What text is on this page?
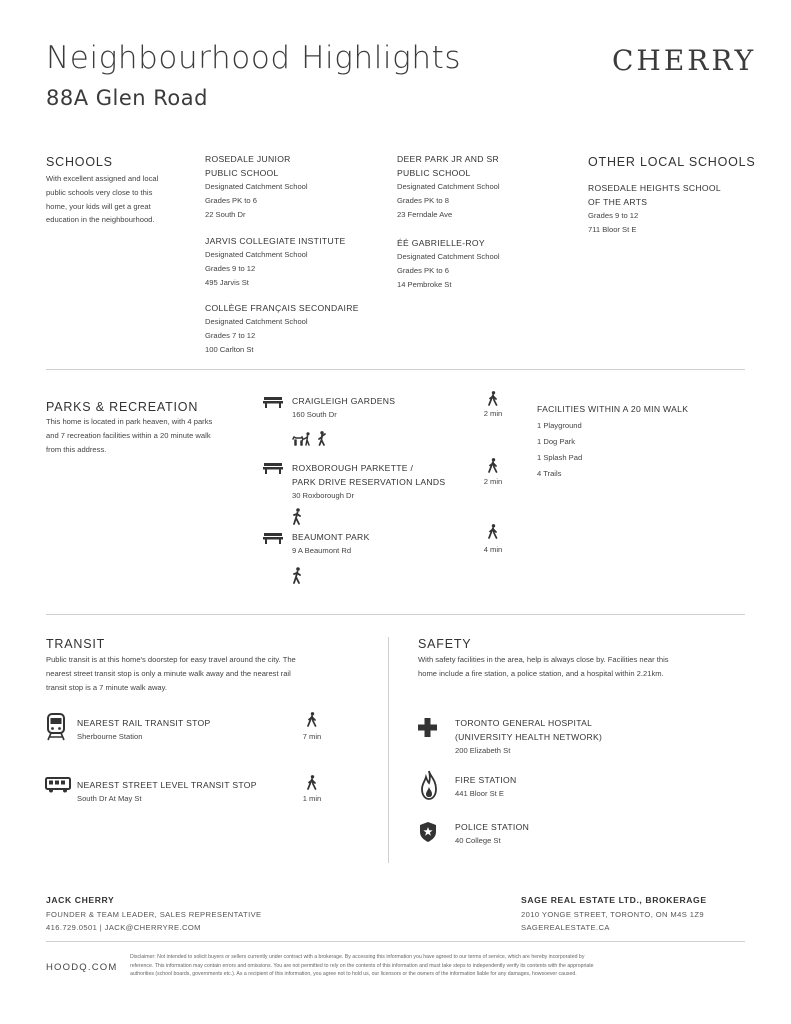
Neighbourhood Highlights
88A Glen Road
CHERRY
SCHOOLS
With excellent assigned and local
public schools very close to this
home, your kids will get a great
education in the neighbourhood.
ROSEDALE JUNIOR
PUBLIC SCHOOL
Designated Catchment School
Grades PK to 6
22 South Dr
JARVIS COLLEGIATE INSTITUTE
Designated Catchment School
Grades 9 to 12
495 Jarvis St
COLLÈGE FRANÇAIS SECONDAIRE
Designated Catchment School
Grades 7 to 12
100 Carlton St
DEER PARK JR AND SR
PUBLIC SCHOOL
Designated Catchment School
Grades PK to 8
23 Ferndale Ave
ÉÉ GABRIELLE-ROY
Designated Catchment School
Grades PK to 6
14 Pembroke St
OTHER LOCAL SCHOOLS
ROSEDALE HEIGHTS SCHOOL
OF THE ARTS
Grades 9 to 12
711 Bloor St E
PARKS & RECREATION
This home is located in park heaven, with 4 parks
and 7 recreation facilities within a 20 minute walk
from this address.
CRAIGLEIGH GARDENS
160 South Dr	2 min
ROXBOROUGH PARKETTE /
PARK DRIVE RESERVATION LANDS
30 Roxborough Dr
2 min
BEAUMONT PARK
9 A Beaumont Rd	4 min
FACILITIES WITHIN A 20 MIN WALK
1 Playground
1 Dog Park
1 Splash Pad
4 Trails
TRANSIT
Public transit is at this home's doorstep for easy travel around the city. The
nearest street transit stop is only a minute walk away and the nearest rail
transit stop is a 7 minute walk away.
NEAREST RAIL TRANSIT STOP
Sherbourne Station	7 min
NEAREST STREET LEVEL TRANSIT STOP
South Dr At May St	1 min
SAFETY
With safety facilities in the area, help is always close by. Facilities near this
home include a fire station, a police station, and a hospital within 2.21km.
TORONTO GENERAL HOSPITAL
(UNIVERSITY HEALTH NETWORK)
200 Elizabeth St
FIRE STATION
441 Bloor St E
POLICE STATION
40 College St
JACK CHERRY
FOUNDER & TEAM LEADER, SALES REPRESENTATIVE
416.729.0501 | JACK@CHERRYRE.COM
SAGE REAL ESTATE LTD., BROKERAGE
2010 YONGE STREET, TORONTO, ON M4S 1Z9
SAGEREALESTATE.CA
HOODQ.COM
Disclaimer: Not intended to solicit buyers or sellers currently under contract with a brokerage. By accessing this information you have agreed to our terms of service, which are hereby incorporated by
reference. This information may contain errors and omissions. You are not permitted to rely on the contents of this information and must take steps to independently verify its contents with the appropriate
authorities (school boards, governments etc.). As a recipient of this information, you agree not to hold us, our licensors or the owners of the information liable for any damages, howsoever caused.
